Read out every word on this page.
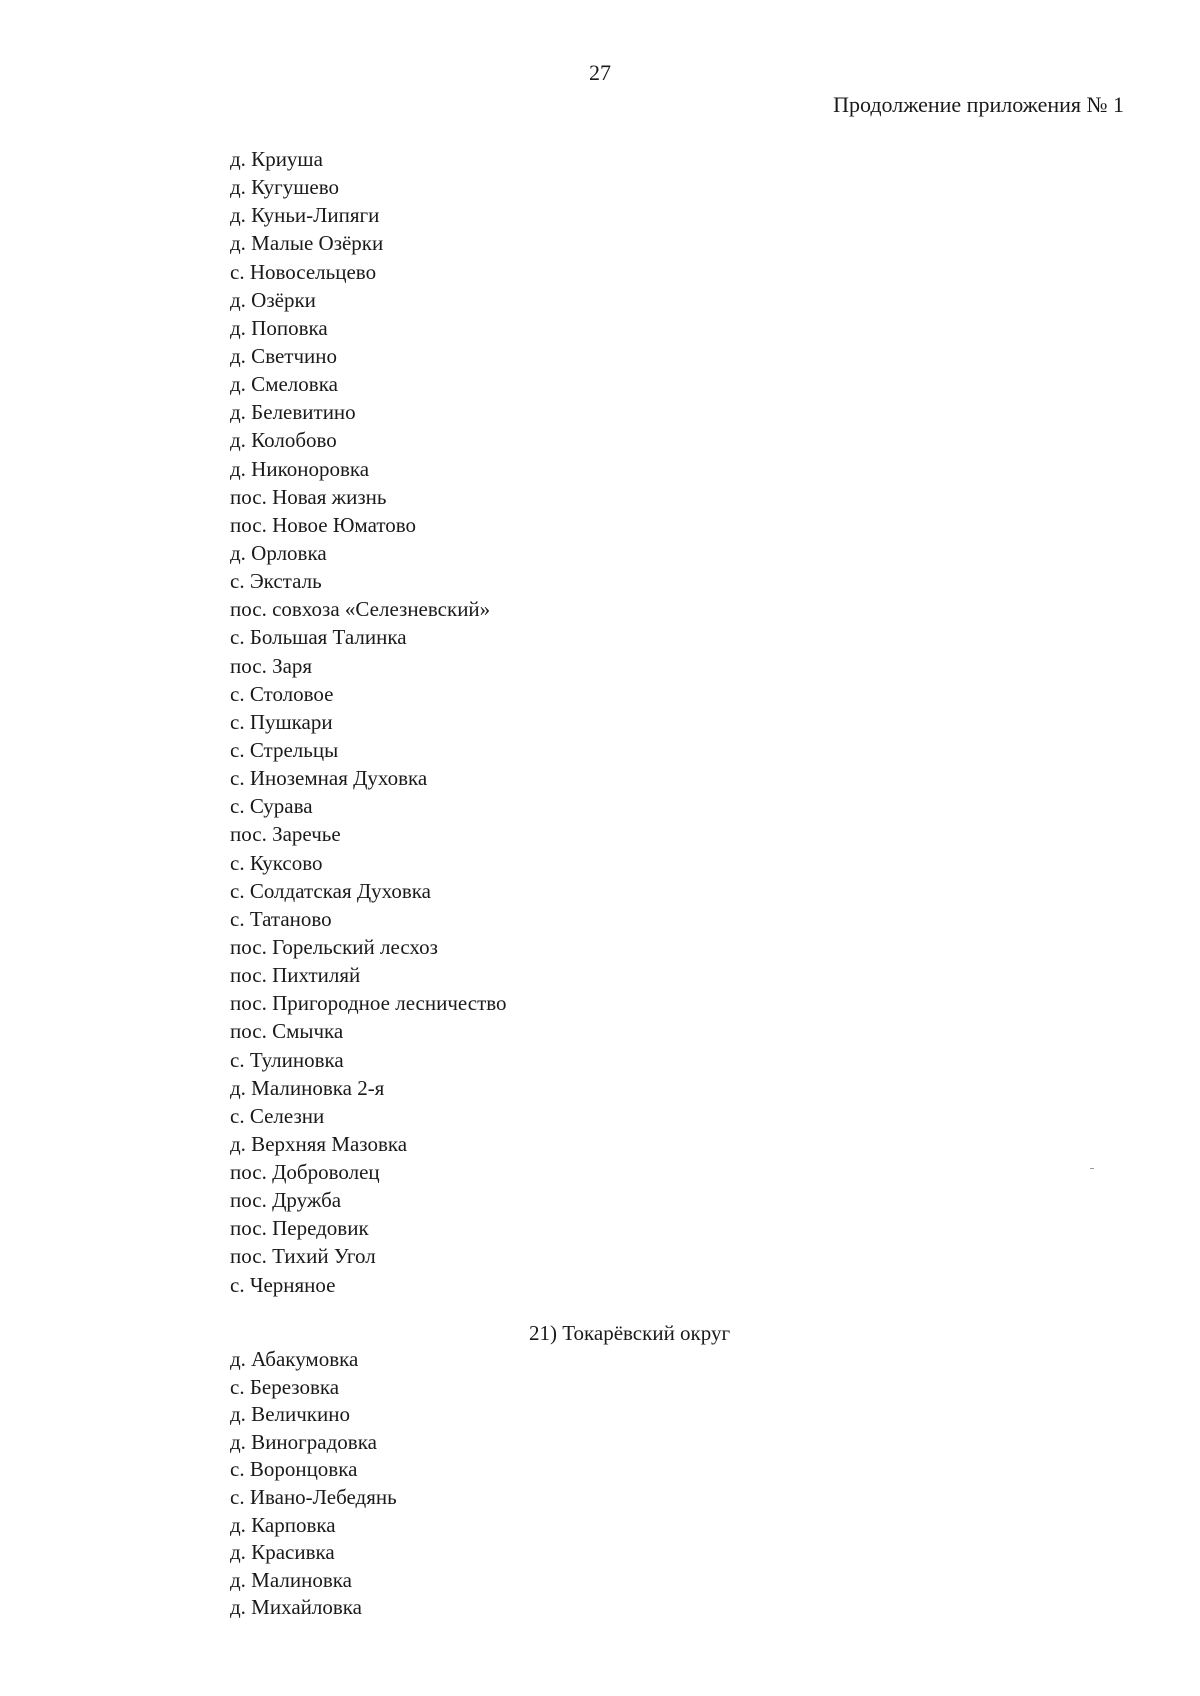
27
Продолжение приложения № 1
д. Криуша
д. Кугушево
д. Куньи-Липяги
д. Малые Озёрки
с. Новосельцево
д. Озёрки
д. Поповка
д. Светчино
д. Смеловка
д. Белевитино
д. Колобово
д. Никоноровка
пос. Новая жизнь
пос. Новое Юматово
д. Орловка
с. Эксталь
пос. совхоза «Селезневский»
с. Большая Талинка
пос. Заря
с. Столовое
с. Пушкари
с. Стрельцы
с. Иноземная Духовка
с. Сурава
пос. Заречье
с. Куксово
с. Солдатская Духовка
с. Татаново
пос. Горельский лесхоз
пос. Пихтиляй
пос. Пригородное лесничество
пос. Смычка
с. Тулиновка
д. Малиновка 2-я
с. Селезни
д. Верхняя Мазовка
пос. Доброволец
пос. Дружба
пос. Передовик
пос. Тихий Угол
с. Черняное
21) Токарёвский округ
д. Абакумовка
с. Березовка
д. Величкино
д. Виноградовка
с. Воронцовка
с. Ивано-Лебедянь
д. Карповка
д. Красивка
д. Малиновка
д. Михайловка
